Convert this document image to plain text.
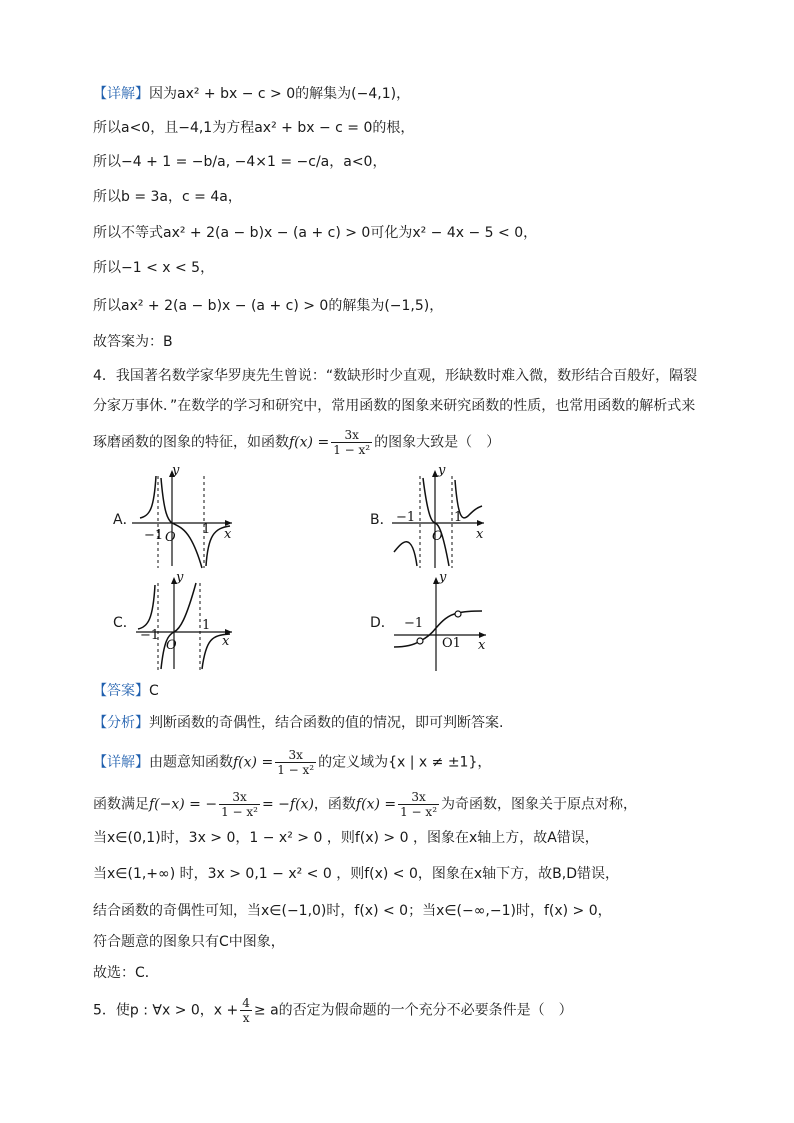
【详解】因为ax² + bx − c > 0的解集为(−4,1)，
所以a<0，且−4,1为方程ax² + bx − c = 0的根，
所以−4 + 1 = −b/a, −4×1 = −c/a，a<0，
所以b = 3a，c = 4a，
所以不等式ax² + 2(a − b)x − (a + c) > 0可化为x² − 4x − 5 < 0，
所以−1 < x < 5，
所以ax² + 2(a − b)x − (a + c) > 0的解集为(−1,5)，
故答案为：B
4．我国著名数学家华罗庚先生曾说：“数缺形时少直观，形缺数时难入微，数形结合百般好，隔裂
分家万事休．”在数学的学习和研究中，常用函数的图象来研究函数的性质，也常用函数的解析式来
琢磨函数的图象的特征，如函数$f(x) = \frac{3x}{\text{1 − x²}}$ 的图象大致是（　）
A．	B．
C．	D．
y
x
O
−1	1
y
x
O
−1	1
y
x
O
−1
1
y
x
−1
O1
【答案】C
【分析】判断函数的奇偶性，结合函数的值的情况，即可判断答案.
【详解】由题意知函数$f(x) = \frac{3x}{\text{1 − x²}}$ 的定义域为{x | x ≠ ±1}，
函数满足f(−x) = − $\frac{3x}{\text{1 − x²}} = -f(x)$，函数$f(x) = \frac{3x}{\text{1 − x²}}$ 为奇函数，图象关于原点对称，
当x∈(0,1)时，3x > 0，1 − x² > 0 ，则f(x) > 0 ，图象在x轴上方，故A错误，
当x∈(1,+∞) 时，3x > 0,1 − x² < 0 ，则f(x) < 0，图象在x轴下方，故B,D错误，
结合函数的奇偶性可知，当x∈(−1,0)时，f(x) < 0；当x∈(−∞,−1)时，f(x) > 0，
符合题意的图象只有C中图象，
故选：C．
5．使p : ∀x > 0，$x + \frac{4}{x} \ge a$的否定为假命题的一个充分不必要条件是（　）
